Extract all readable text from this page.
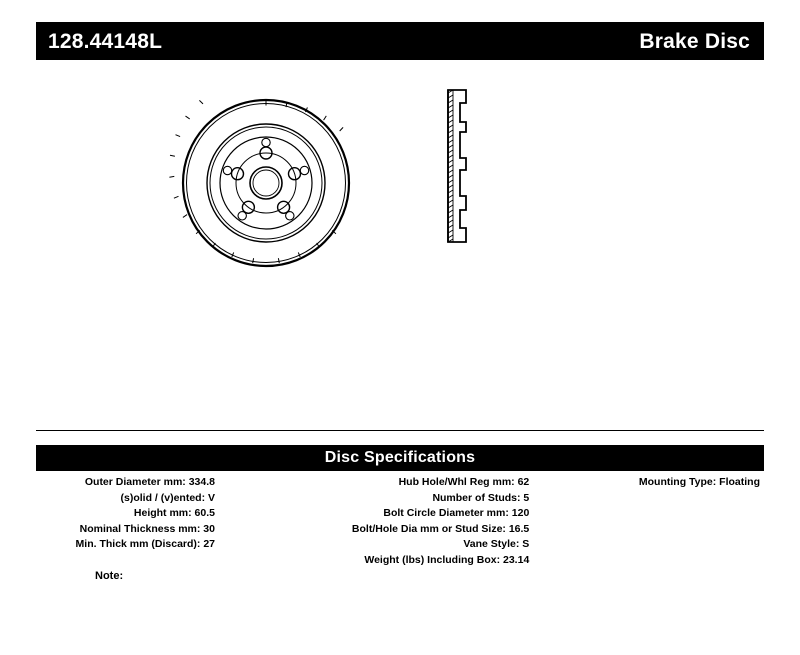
128.44148L	Brake Disc
Disc Specifications
Outer Diameter mm: 334.8
(s)olid / (v)ented: V
Height mm: 60.5
Nominal Thickness mm: 30
Min. Thick mm (Discard): 27
Hub Hole/Whl Reg mm: 62
Number of Studs: 5
Bolt Circle Diameter mm: 120
Bolt/Hole Dia mm or Stud Size: 16.5
Vane Style: S
Weight (lbs) Including Box: 23.14
Mounting Type: Floating
Note:
